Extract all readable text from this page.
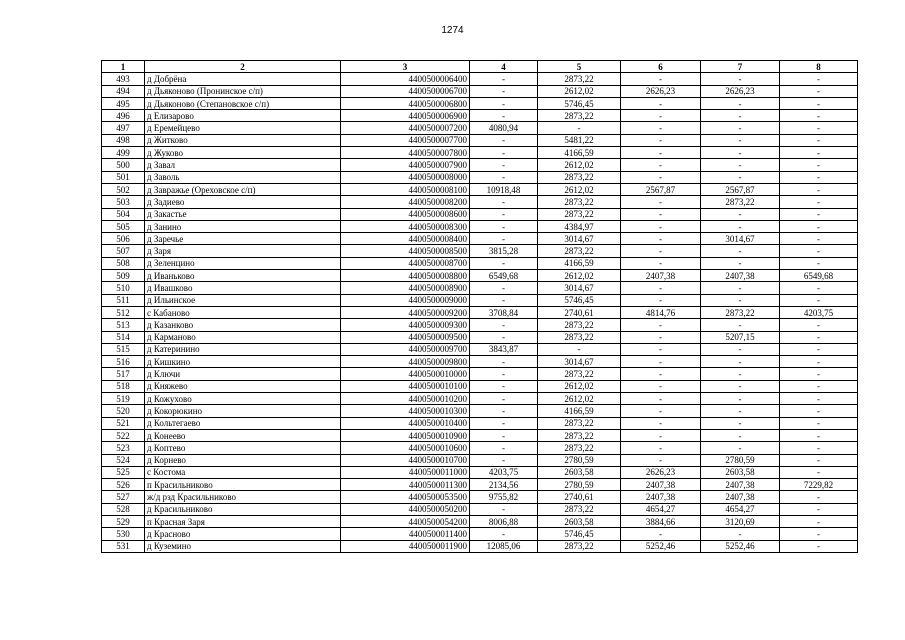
1274
1	2	3	4	5	6	7	8
493	д Добрёна	4400500006400	-	2873,22	-	-	-
494	д Дьяконово (Пронинское с/п)	4400500006700	-	2612,02	2626,23	2626,23	-
495	д Дьяконово (Степановское с/п)	4400500006800	-	5746,45	-	-	-
496	д Елизарово	4400500006900	-	2873,22	-	-	-
497	д Еремейцево	4400500007200	4080,94	-	-	-	-
498	д Житково	4400500007700	-	5481,22	-	-	-
499	д Жуково	4400500007800	-	4166,59	-	-	-
500	д Завал	4400500007900	-	2612,02	-	-	-
501	д Заволь	4400500008000	-	2873,22	-	-	-
502	д Завражье (Ореховское с/п)	4400500008100	10918,48	2612,02	2567,87	2567,87	-
503	д Задиево	4400500008200	-	2873,22	-	2873,22	-
504	д Закастье	4400500008600	-	2873,22	-	-	-
505	д Занино	4400500008300	-	4384,97	-	-	-
506	д Заречье	4400500008400	-	3014,67	-	3014,67	-
507	д Заря	4400500008500	3815,28	2873,22	-	-	-
508	д Зеленцино	4400500008700	-	4166,59	-	-	-
509	д Иваньково	4400500008800	6549,68	2612,02	2407,38	2407,38	6549,68
510	д Ивашково	4400500008900	-	3014,67	-	-	-
511	д Ильинское	4400500009000	-	5746,45	-	-	-
512	с Кабаново	4400500009200	3708,84	2740,61	4814,76	2873,22	4203,75
513	д Казанково	4400500009300	-	2873,22	-	-	-
514	д Карманово	4400500009500	-	2873,22	-	5207,15	-
515	д Катеринино	4400500009700	3843,87	-	-	-	-
516	д Кишкино	4400500009800	-	3014,67	-	-	-
517	д Ключи	4400500010000	-	2873,22	-	-	-
518	д Княжево	4400500010100	-	2612,02	-	-	-
519	д Кожухово	4400500010200	-	2612,02	-	-	-
520	д Кокорюкино	4400500010300	-	4166,59	-	-	-
521	д Кольтегаево	4400500010400	-	2873,22	-	-	-
522	д Конеево	4400500010900	-	2873,22	-	-	-
523	д Коптево	4400500010600	-	2873,22	-	-	-
524	д Корнево	4400500010700	-	2780,59	-	2780,59	-
525	с Костома	4400500011000	4203,75	2603,58	2626,23	2603,58	-
526	п Красильниково	4400500011300	2134,56	2780,59	2407,38	2407,38	7229,82
527	ж/д рзд Красильниково	4400500053500	9755,82	2740,61	2407,38	2407,38	-
528	д Красильниково	4400500050200	-	2873,22	4654,27	4654,27	-
529	п Красная Заря	4400500054200	8006,88	2603,58	3884,66	3120,69	-
530	д Красново	4400500011400	-	5746,45	-	-	-
531	д Куземино	4400500011900	12085,06	2873,22	5252,46	5252,46	-
